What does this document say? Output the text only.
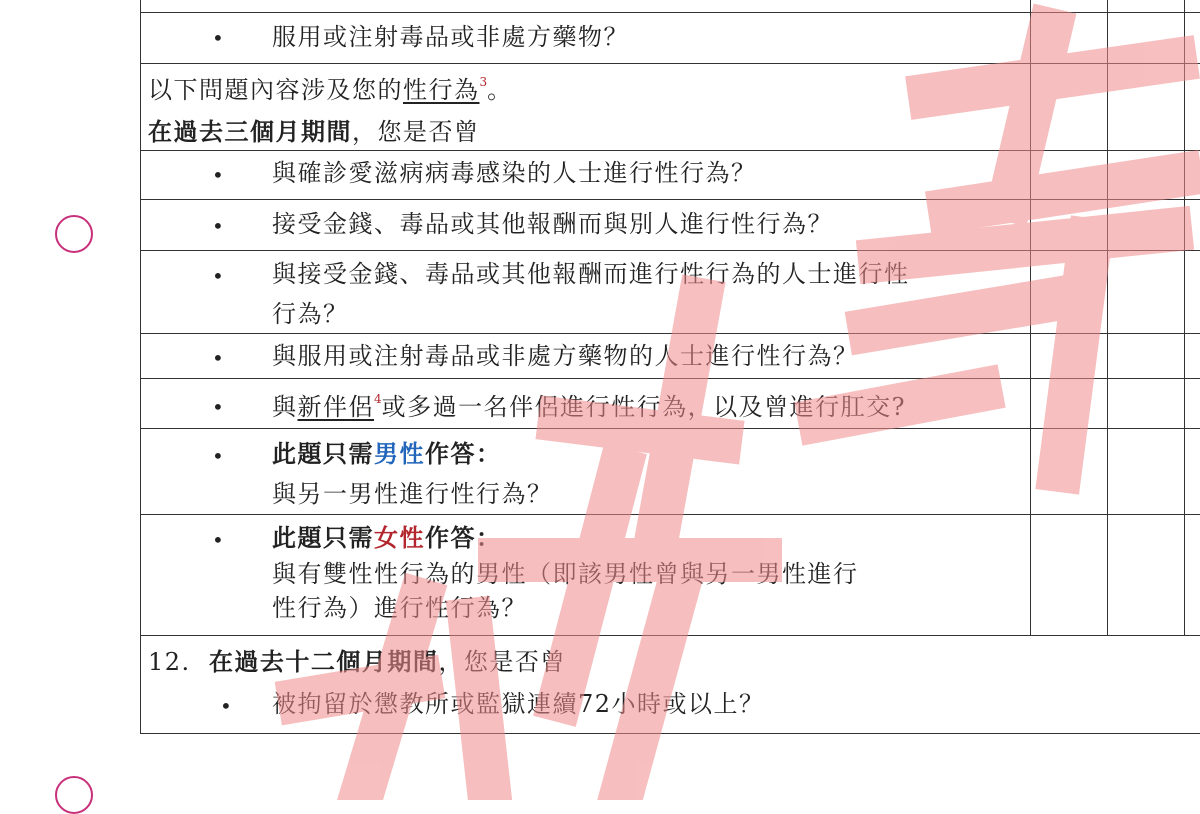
• 服用或注射毒品或非處方藥物？
以下問題內容涉及您的性行為$^3$。
在過去三個月期間，您是否曾
• 與確診愛滋病病毒感染的人士進行性行為？
• 接受金錢、毒品或其他報酬而與別人進行性行為？
• 與接受金錢、毒品或其他報酬而進行性行為的人士進行性
行為？
• 與服用或注射毒品或非處方藥物的人士進行性行為？
• 與新伴侶$^4$或多過一名伴侶進行性行為，以及曾進行肛交?
• 此題只需男性作答：
與另一男性進行性行為？
• 此題只需女性作答：
與有雙性性行為的男性（即該男性曾與另一男性進行
性行為）進行性行為？
12. 在過去十二個月期間，您是否曾
• 被拘留於懲教所或監獄連續72小時或以上？
